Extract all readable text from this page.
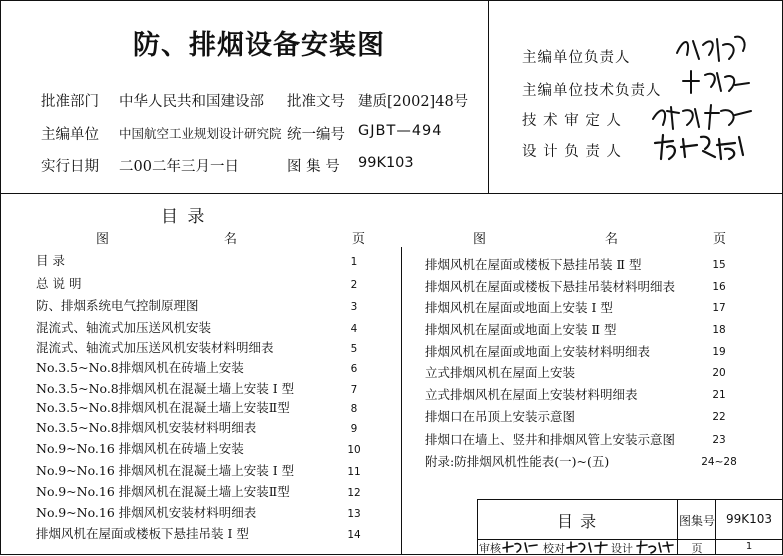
防、排烟设备安装图
批准部门 中华人民共和国建设部 批准文号 建质[2002]48号
主编单位 中国航空工业规划设计研究院 统一编号 GJBT—494
实行日期 二00二年三月一日	图 集 号 99K103
主编单位负责人
主编单位技术负责人
技 术 审 定 人
设 计 负 责 人
目 录
图	名	页	图	名	页
目 录	1
总 说 明	2
防、排烟系统电气控制原理图	3
混流式、轴流式加压送风机安装	4
混流式、轴流式加压送风机安装材料明细表	5
No.3.5~No.8排烟风机在砖墙上安装	6
No.3.5~No.8排烟风机在混凝土墙上安装 Ⅰ 型	7
No.3.5~No.8排烟风机在混凝土墙上安装Ⅱ型	8
No.3.5~No.8排烟风机安装材料明细表	9
No.9~No.16 排烟风机在砖墙上安装	10
No.9~No.16 排烟风机在混凝土墙上安装 Ⅰ 型	11
No.9~No.16 排烟风机在混凝土墙上安装Ⅱ型	12
No.9~No.16 排烟风机安装材料明细表	13
排烟风机在屋面或楼板下悬挂吊装 Ⅰ 型	14
排烟风机在屋面或楼板下悬挂吊装 Ⅱ 型	15
排烟风机在屋面或楼板下悬挂吊装材料明细表	16
排烟风机在屋面或地面上安装 Ⅰ 型	17
排烟风机在屋面或地面上安装 Ⅱ 型	18
排烟风机在屋面或地面上安装材料明细表	19
立式排烟风机在屋面上安装	20
立式排烟风机在屋面上安装材料明细表	21
排烟口在吊顶上安装示意图	22
排烟口在墙上、竖井和排烟风管上安装示意图	23
附录:防排烟风机性能表(一)~(五)	24~28
目 录	图集号 99K103
审核	校对	设计	页	1
